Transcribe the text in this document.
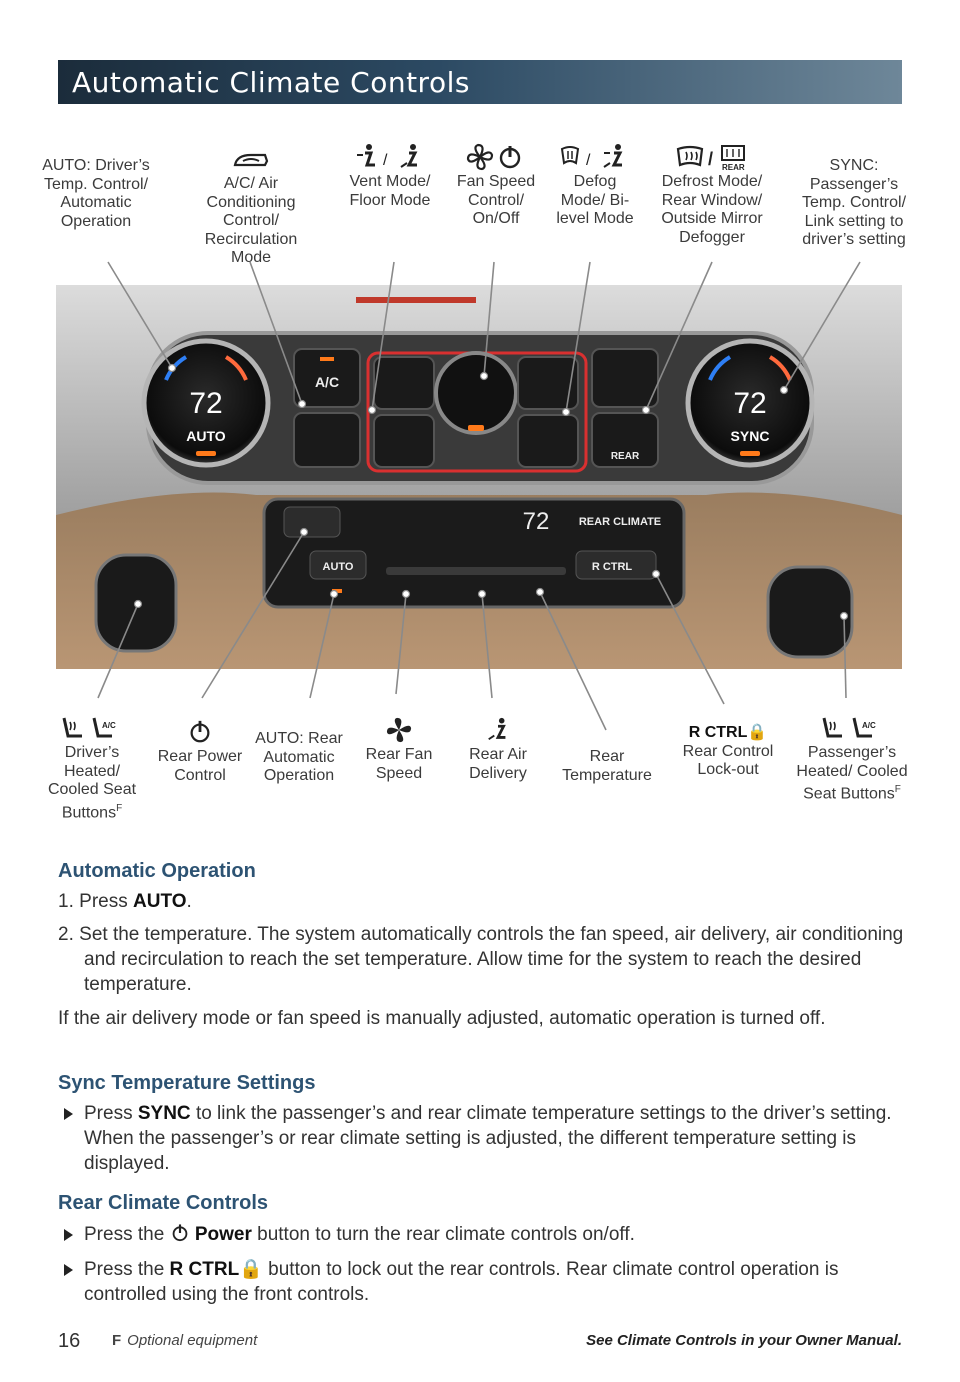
Automatic Climate Controls
AUTO: Driver’s Temp. Control/ Automatic Operation
A/C/ Air Conditioning Control/ Recirculation Mode
/
Vent Mode/ Floor Mode
Fan Speed Control/ On/Off
/
Defog Mode/ Bi-level Mode
/ REAR
Defrost Mode/ Rear Window/ Outside Mirror Defogger
SYNC: Passenger’s Temp. Control/ Link setting to driver’s setting
72
AUTO
72
SYNC
A/C
REAR
72	REAR CLIMATE
AUTO	R CTRL
A/C
Driver’s Heated/ Cooled Seat Buttons$^F$
Rear Power Control
AUTO: Rear Automatic Operation
Rear Fan Speed
Rear Air Delivery
Rear Temperature
R CTRL🔒
Rear Control Lock-out
A/C
Passenger’s Heated/ Cooled Seat Buttons$^F$
Automatic Operation
1. Press AUTO.
2. Set the temperature. The system automatically controls the fan speed, air delivery, air conditioning and recirculation to reach the set temperature. Allow time for the system to reach the desired temperature.
If the air delivery mode or fan speed is manually adjusted, automatic operation is turned off.
Sync Temperature Settings
Press SYNC to link the passenger’s and rear climate temperature settings to the driver’s setting. When the passenger’s or rear climate setting is adjusted, the different temperature setting is displayed.
Rear Climate Controls
Press the Power button to turn the rear climate controls on/off.
Press the R CTRL🔒 button to lock out the rear controls. Rear climate control operation is controlled using the front controls.
16 F Optional equipment	See Climate Controls in your Owner Manual.
